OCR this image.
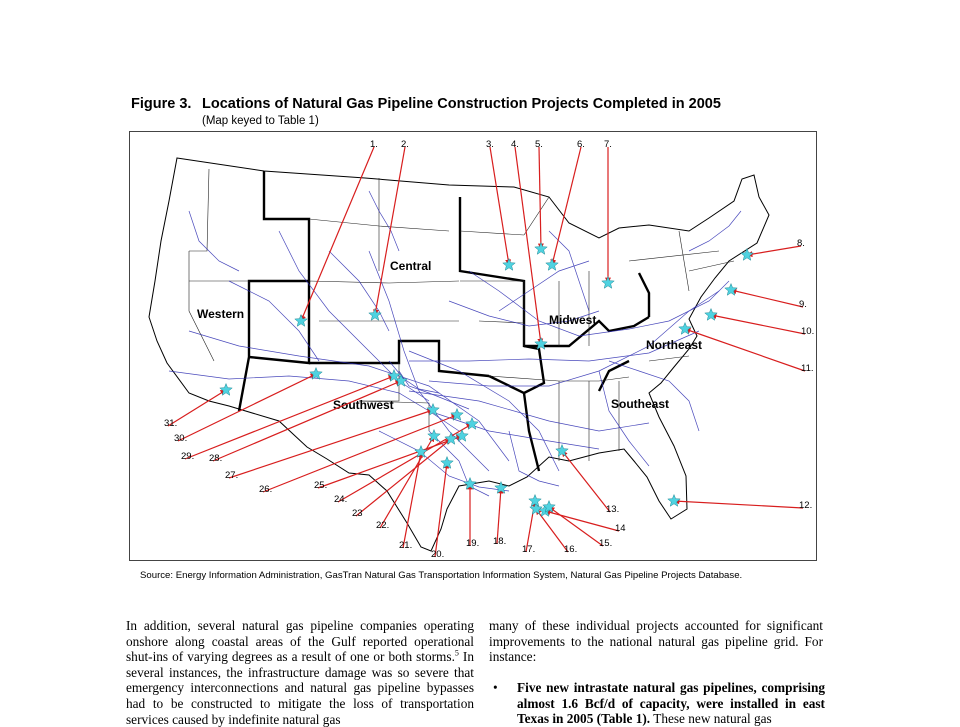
Figure 3. Locations of Natural Gas Pipeline Construction Projects Completed in 2005
(Map keyed to Table 1)
Western
Central
Midwest
Northeast
Southwest	Southeast
1. 2.	3. 4. 5.	6. 7.
8.
9.
10.
11.
12.
13.
14
15.
16.
17.
18.
19.
20.
21.
22.
23
24.
25.
26.
27.
28.
29.
30.
31.
Source: Energy Information Administration, GasTran Natural Gas Transportation Information System, Natural Gas Pipeline Projects Database.

In addition, several natural gas pipeline companies operating onshore along coastal areas of the Gulf reported operational shut-ins of varying degrees as a result of one or both storms.$^5$ In several instances, the infrastructure damage was so severe that emergency interconnections and natural gas pipeline bypasses had to be constructed to mitigate the loss of transportation services caused by indefinite natural gas

many of these individual projects accounted for significant improvements to the national natural gas pipeline grid. For instance:

• Five new intrastate natural gas pipelines, comprising almost 1.6 Bcf/d of capacity, were installed in east Texas in 2005 (Table 1). These new natural gas
